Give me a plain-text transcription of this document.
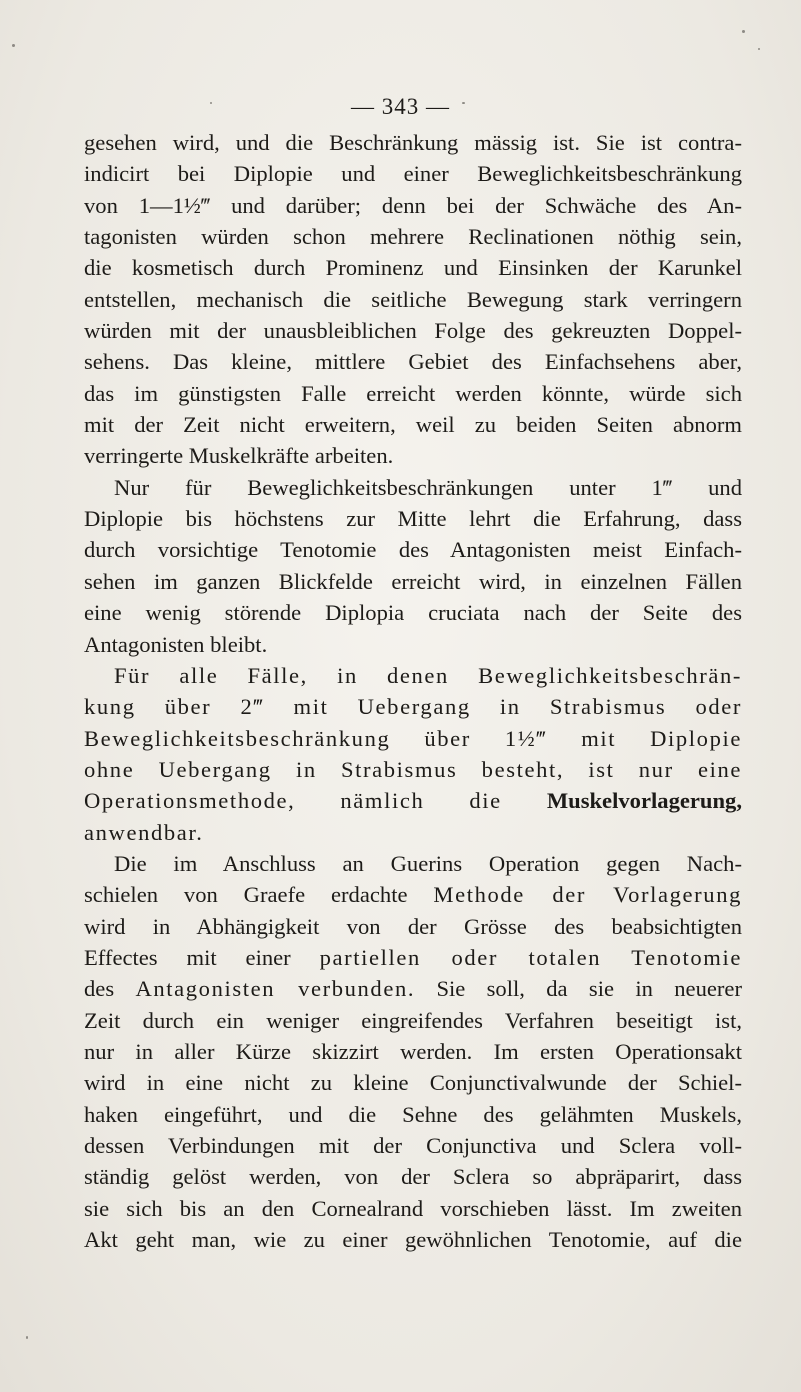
— 343 —
gesehen wird, und die Beschränkung mässig ist. Sie ist contra-
indicirt bei Diplopie und einer Beweglichkeitsbeschränkung
von 1—1½‴ und darüber; denn bei der Schwäche des An-
tagonisten würden schon mehrere Reclinationen nöthig sein,
die kosmetisch durch Prominenz und Einsinken der Karunkel
entstellen, mechanisch die seitliche Bewegung stark verringern
würden mit der unausbleiblichen Folge des gekreuzten Doppel-
sehens. Das kleine, mittlere Gebiet des Einfachsehens aber,
das im günstigsten Falle erreicht werden könnte, würde sich
mit der Zeit nicht erweitern, weil zu beiden Seiten abnorm
verringerte Muskelkräfte arbeiten.
Nur für Beweglichkeitsbeschränkungen unter 1‴ und
Diplopie bis höchstens zur Mitte lehrt die Erfahrung, dass
durch vorsichtige Tenotomie des Antagonisten meist Einfach-
sehen im ganzen Blickfelde erreicht wird, in einzelnen Fällen
eine wenig störende Diplopia cruciata nach der Seite des
Antagonisten bleibt.
Für alle Fälle, in denen Beweglichkeitsbeschrän-
kung über 2‴ mit Uebergang in Strabismus oder
Beweglichkeitsbeschränkung über 1½‴ mit Diplopie
ohne Uebergang in Strabismus besteht, ist nur eine
Operationsmethode, nämlich die Muskelvorlagerung,
anwendbar.
Die im Anschluss an Guerins Operation gegen Nach-
schielen von Graefe erdachte Methode der Vorlagerung
wird in Abhängigkeit von der Grösse des beabsichtigten
Effectes mit einer partiellen oder totalen Tenotomie
des Antagonisten verbunden. Sie soll, da sie in neuerer
Zeit durch ein weniger eingreifendes Verfahren beseitigt ist,
nur in aller Kürze skizzirt werden. Im ersten Operationsakt
wird in eine nicht zu kleine Conjunctivalwunde der Schiel-
haken eingeführt, und die Sehne des gelähmten Muskels,
dessen Verbindungen mit der Conjunctiva und Sclera voll-
ständig gelöst werden, von der Sclera so abpräparirt, dass
sie sich bis an den Cornealrand vorschieben lässt. Im zweiten
Akt geht man, wie zu einer gewöhnlichen Tenotomie, auf die
